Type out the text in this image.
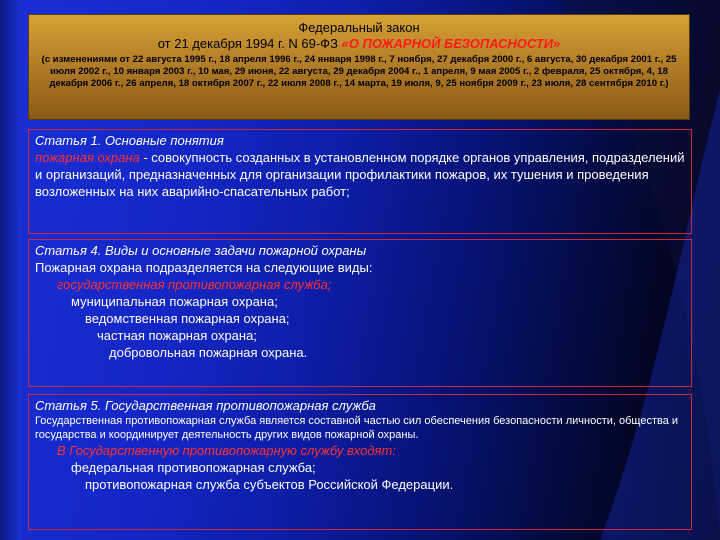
Федеральный закон
от 21 декабря 1994 г. N 69-ФЗ «О ПОЖАРНОЙ БЕЗОПАСНОСТИ»
(с изменениями от 22 августа 1995 г., 18 апреля 1996 г., 24 января 1998 г., 7 ноября, 27 декабря 2000 г., 6 августа, 30 декабря 2001 г., 25 июля 2002 г., 10 января 2003 г., 10 мая, 29 июня, 22 августа, 29 декабря 2004 г., 1 апреля, 9 мая 2005 г., 2 февраля, 25 октября, 4, 18 декабря 2006 г., 26 апреля, 18 октября 2007 г., 22 июля 2008 г., 14 марта, 19 июля, 9, 25 ноября 2009 г., 23 июля, 28 сентября 2010 г.)
Статья 1. Основные понятия
пожарная охрана - совокупность созданных в установленном порядке органов управления, подразделений и организаций, предназначенных для организации профилактики пожаров, их тушения и проведения возложенных на них аварийно-спасательных работ;
Статья 4. Виды и основные задачи пожарной охраны
Пожарная охрана подразделяется на следующие виды:
государственная противопожарная служба;
муниципальная пожарная охрана;
ведомственная пожарная охрана;
частная пожарная охрана;
добровольная пожарная охрана.
Статья 5. Государственная противопожарная служба
Государственная противопожарная служба является составной частью сил обеспечения безопасности личности, общества и государства и координирует деятельность других видов пожарной охраны.
В Государственную противопожарную службу входят:
федеральная противопожарная служба;
противопожарная служба субъектов Российской Федерации.
